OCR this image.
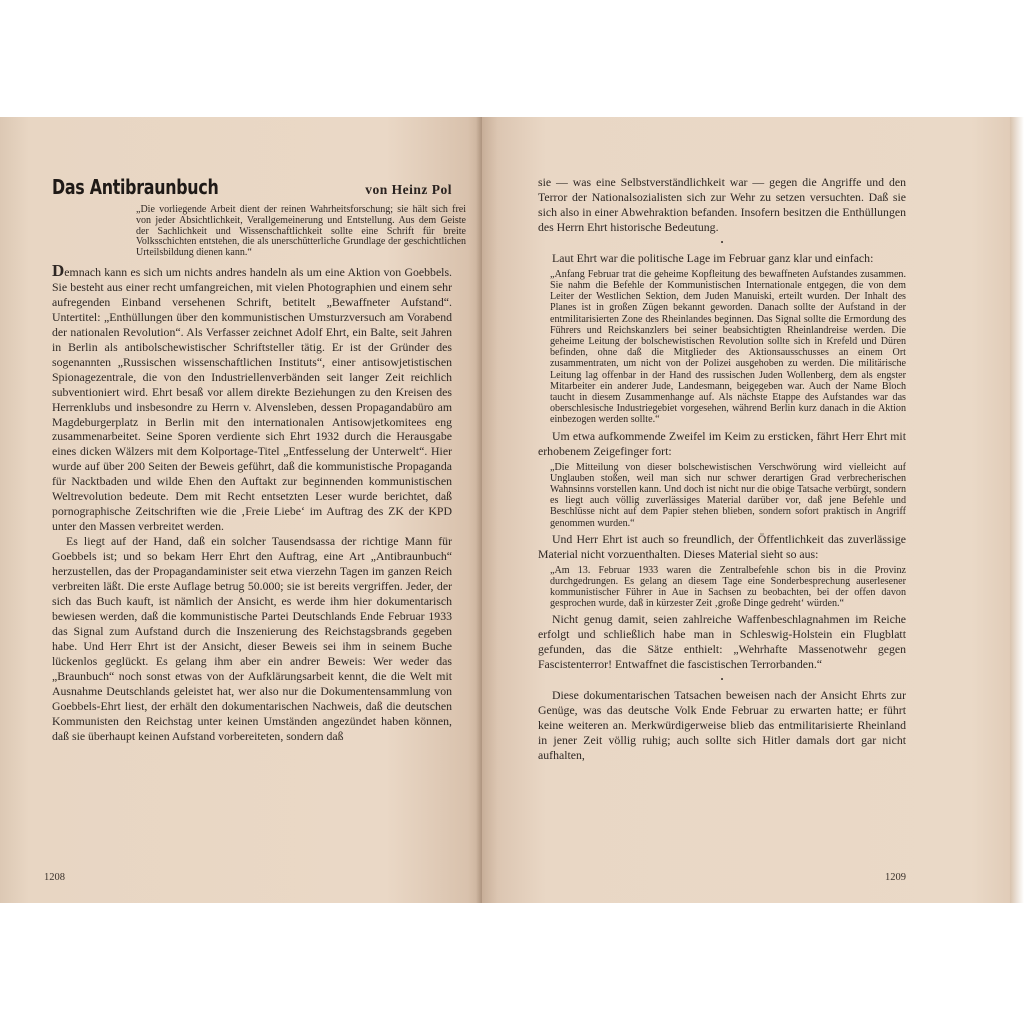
Das Antibraunbuch	von Heinz Pol
„Die vorliegende Arbeit dient der reinen Wahrheitsforschung; sie hält sich frei von jeder Absichtlichkeit, Verallgemeinerung und Entstellung. Aus dem Geiste der Sachlichkeit und Wissenschaftlichkeit sollte eine Schrift für breite Volksschichten entstehen, die als unerschütterliche Grundlage der geschichtlichen Urteilsbildung dienen kann.“

Demnach kann es sich um nichts andres handeln als um eine Aktion von Goebbels. Sie besteht aus einer recht umfangreichen, mit vielen Photographien und einem sehr aufregenden Einband versehenen Schrift, betitelt „Bewaffneter Aufstand“. Untertitel: „Enthüllungen über den kommunistischen Umsturzversuch am Vorabend der nationalen Revolution“. Als Verfasser zeichnet Adolf Ehrt, ein Balte, seit Jahren in Berlin als antibolschewistischer Schriftsteller tätig. Er ist der Gründer des sogenannten „Russischen wissenschaftlichen Instituts“, einer antisowjetistischen Spionagezentrale, die von den Industriellenverbänden seit langer Zeit reichlich subventioniert wird. Ehrt besaß vor allem direkte Beziehungen zu den Kreisen des Herrenklubs und insbesondre zu Herrn v. Alvensleben, dessen Propagandabüro am Magdeburgerplatz in Berlin mit den internationalen Antisowjetkomitees eng zusammenarbeitet. Seine Sporen verdiente sich Ehrt 1932 durch die Herausgabe eines dicken Wälzers mit dem Kolportage-Titel „Entfesselung der Unterwelt“. Hier wurde auf über 200 Seiten der Beweis geführt, daß die kommunistische Propaganda für Nacktbaden und wilde Ehen den Auftakt zur beginnenden kommunistischen Weltrevolution bedeute. Dem mit Recht entsetzten Leser wurde berichtet, daß pornographische Zeitschriften wie die ‚Freie Liebe‘ im Auftrag des ZK der KPD unter den Massen verbreitet werden.

Es liegt auf der Hand, daß ein solcher Tausendsassa der richtige Mann für Goebbels ist; und so bekam Herr Ehrt den Auftrag, eine Art „Antibraunbuch“ herzustellen, das der Propagandaminister seit etwa vierzehn Tagen im ganzen Reich verbreiten läßt. Die erste Auflage betrug 50.000; sie ist bereits vergriffen. Jeder, der sich das Buch kauft, ist nämlich der Ansicht, es werde ihm hier dokumentarisch bewiesen werden, daß die kommunistische Partei Deutschlands Ende Februar 1933 das Signal zum Aufstand durch die Inszenierung des Reichstagsbrands gegeben habe. Und Herr Ehrt ist der Ansicht, dieser Beweis sei ihm in seinem Buche lückenlos geglückt. Es gelang ihm aber ein andrer Beweis: Wer weder das „Braunbuch“ noch sonst etwas von der Aufklärungsarbeit kennt, die die Welt mit Ausnahme Deutschlands geleistet hat, wer also nur die Dokumentensammlung von Goebbels-Ehrt liest, der erhält den dokumentarischen Nachweis, daß die deutschen Kommunisten den Reichstag unter keinen Umständen angezündet haben können, daß sie überhaupt keinen Aufstand vorbereiteten, sondern daß

1208

sie — was eine Selbstverständlichkeit war — gegen die Angriffe und den Terror der Nationalsozialisten sich zur Wehr zu setzen versuchten. Daß sie sich also in einer Abwehraktion befanden. Insofern besitzen die Enthüllungen des Herrn Ehrt historische Bedeutung.

•

Laut Ehrt war die politische Lage im Februar ganz klar und einfach:

„Anfang Februar trat die geheime Kopfleitung des bewaffneten Aufstandes zusammen. Sie nahm die Befehle der Kommunistischen Internationale entgegen, die von dem Leiter der Westlichen Sektion, dem Juden Manuiski, erteilt wurden. Der Inhalt des Planes ist in großen Zügen bekannt geworden. Danach sollte der Aufstand in der entmilitarisierten Zone des Rheinlandes beginnen. Das Signal sollte die Ermordung des Führers und Reichskanzlers bei seiner beabsichtigten Rheinlandreise werden. Die geheime Leitung der bolschewistischen Revolution sollte sich in Krefeld und Düren befinden, ohne daß die Mitglieder des Aktionsausschusses an einem Ort zusammentraten, um nicht von der Polizei ausgehoben zu werden. Die militärische Leitung lag offenbar in der Hand des russischen Juden Wollenberg, dem als engster Mitarbeiter ein anderer Jude, Landesmann, beigegeben war. Auch der Name Bloch taucht in diesem Zusammenhange auf. Als nächste Etappe des Aufstandes war das oberschlesische Industriegebiet vorgesehen, während Berlin kurz danach in die Aktion einbezogen werden sollte.“

Um etwa aufkommende Zweifel im Keim zu ersticken, fährt Herr Ehrt mit erhobenem Zeigefinger fort:

„Die Mitteilung von dieser bolschewistischen Verschwörung wird vielleicht auf Unglauben stoßen, weil man sich nur schwer derartigen Grad verbrecherischen Wahnsinns vorstellen kann. Und doch ist nicht nur die obige Tatsache verbürgt, sondern es liegt auch völlig zuverlässiges Material darüber vor, daß jene Befehle und Beschlüsse nicht auf dem Papier stehen blieben, sondern sofort praktisch in Angriff genommen wurden.“

Und Herr Ehrt ist auch so freundlich, der Öffentlichkeit das zuverlässige Material nicht vorzuenthalten. Dieses Material sieht so aus:

„Am 13. Februar 1933 waren die Zentralbefehle schon bis in die Provinz durchgedrungen. Es gelang an diesem Tage eine Sonderbesprechung auserlesener kommunistischer Führer in Aue in Sachsen zu beobachten, bei der offen davon gesprochen wurde, daß in kürzester Zeit ‚große Dinge gedreht‘ würden.“

Nicht genug damit, seien zahlreiche Waffenbeschlagnahmen im Reiche erfolgt und schließlich habe man in Schleswig-Holstein ein Flugblatt gefunden, das die Sätze enthielt: „Wehrhafte Massenotwehr gegen Fascistenterror! Entwaffnet die fascistischen Terrorbanden.“

•

Diese dokumentarischen Tatsachen beweisen nach der Ansicht Ehrts zur Genüge, was das deutsche Volk Ende Februar zu erwarten hatte; er führt keine weiteren an. Merkwürdigerweise blieb das entmilitarisierte Rheinland in jener Zeit völlig ruhig; auch sollte sich Hitler damals dort gar nicht aufhalten,

1209
